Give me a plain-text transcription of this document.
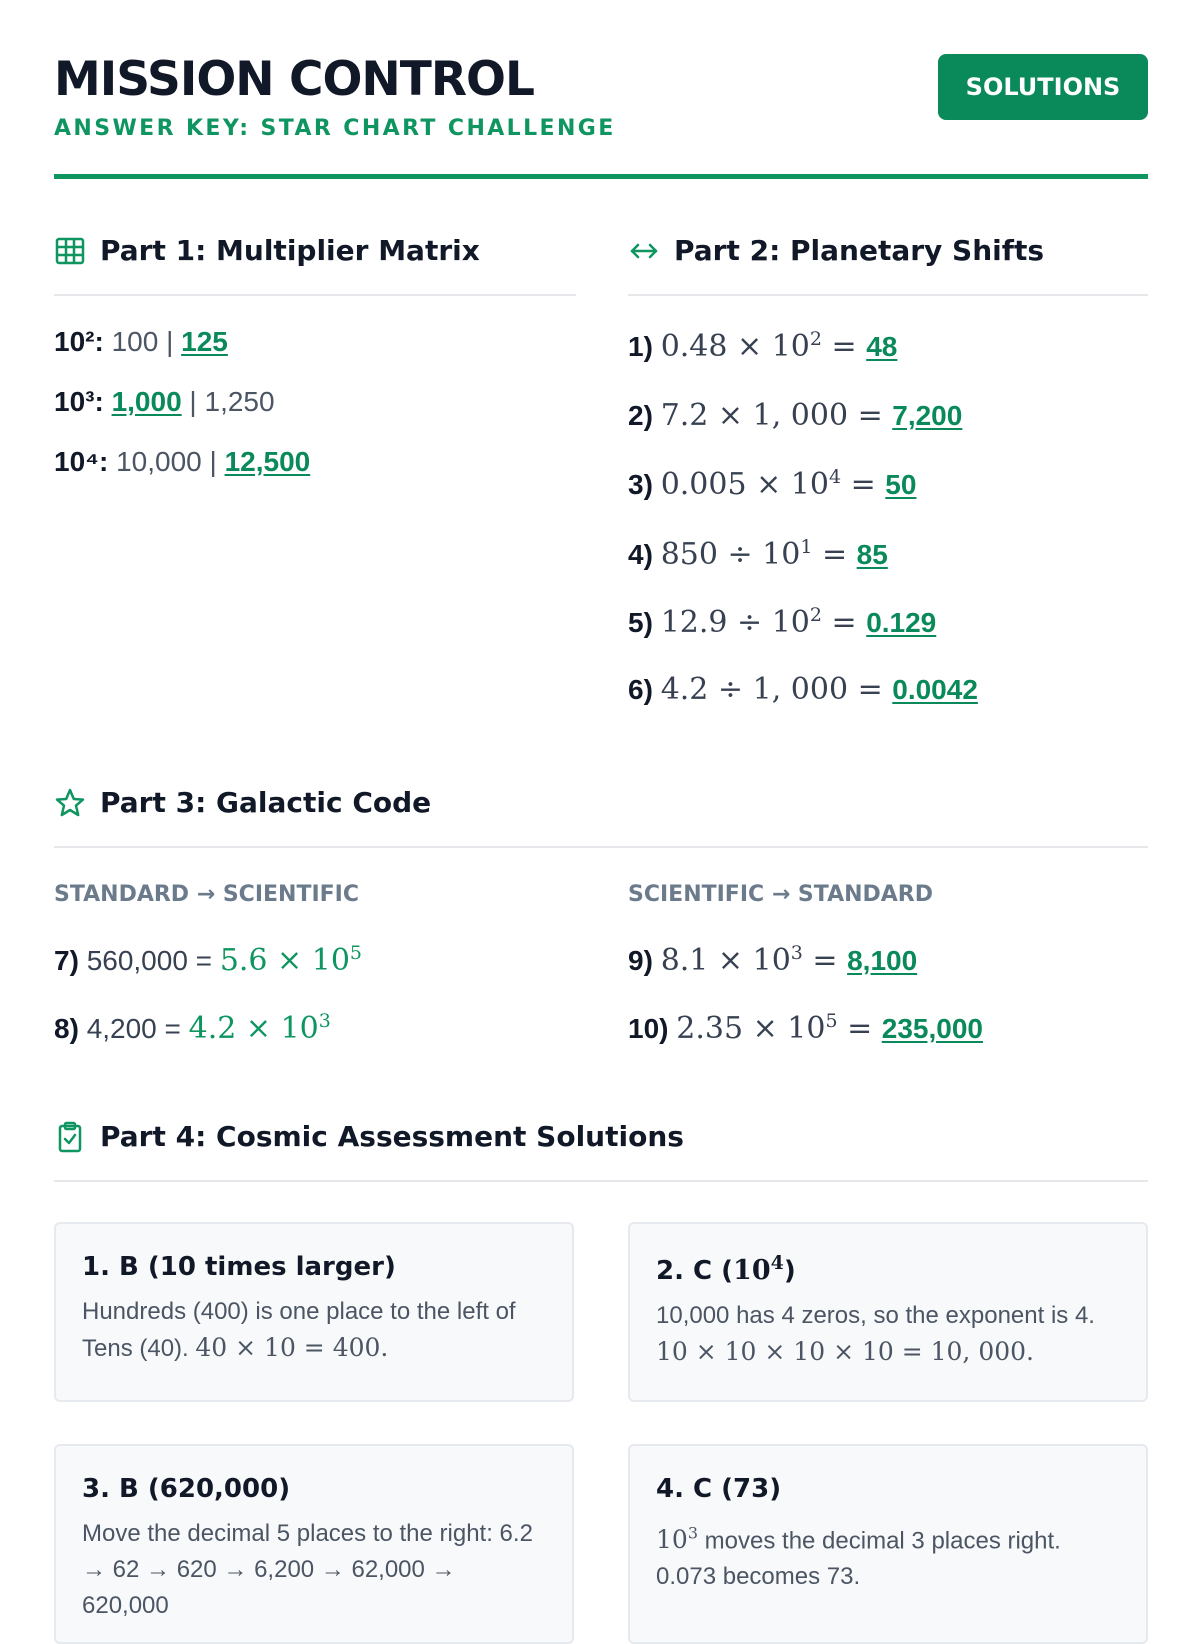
MISSION CONTROL
ANSWER KEY: STAR CHART CHALLENGE
SOLUTIONS
Part 1: Multiplier Matrix
10²: 100 | 125
10³: 1,000 | 1,250
10⁴: 10,000 | 12,500
Part 2: Planetary Shifts
1) $0.48 \times 10^2 = 48$
2) 7.2 × 1, 000 = 7,200
3) $0.005 \times 10^4 = 50$
4) $850 \div 10^1 = 85$
5) $12.9 \div 10^2 = 0.129$
6) 4.2 ÷ 1, 000 = 0.0042
Part 3: Galactic Code
STANDARD → SCIENTIFIC	SCIENTIFIC → STANDARD
7) $560,000 = 5.6 \times 10^5$
8) $4,200 = 4.2 \times 10^3$
9) $8.1 \times 10^3 = 8,100$
10) $2.35 \times 10^5 = 235,000$
Part 4: Cosmic Assessment Solutions
1. B (10 times larger)
Hundreds (400) is one place to the left of Tens (40). 40 × 10 = 400.
2. C $(10^4)$
10,000 has 4 zeros, so the exponent is 4.
10 × 10 × 10 × 10 = 10, 000.
3. B (620,000)
Move the decimal 5 places to the right: 6.2 → 62 → 620 → 6,200 → 62,000 → 620,000
4. C (73)
$10^3$ moves the decimal 3 places right. 0.073 becomes 73.
